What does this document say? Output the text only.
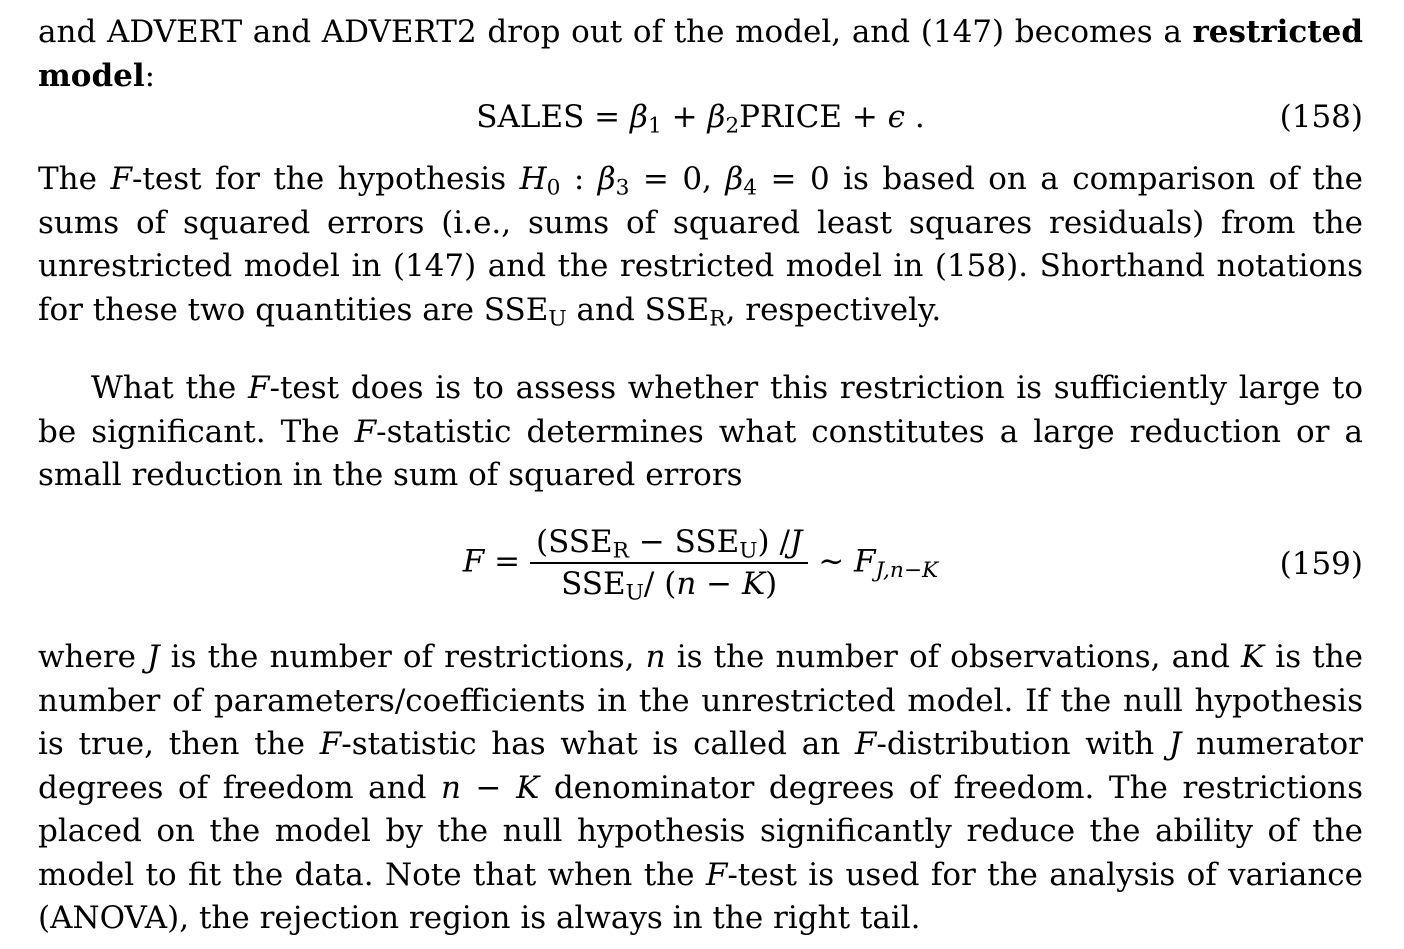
and ADVERT and ADVERT2 drop out of the model, and (147) becomes a restricted model:

SALES = $\beta_1$ + $\beta_2PRICE + \epsilon$ .	(158)

The F-test for the hypothesis $H_0$ : $\beta_3 = 0$, $\beta_4 = 0$ is based on a comparison of the sums of squared errors (i.e., sums of squared least squares residuals) from the unrestricted model in (147) and the restricted model in (158). Shorthand notations for these two quantities are $SSE_U$ and $SSE_R$, respectively.

What the F-test does is to assess whether this restriction is sufficiently large to be significant. The F-statistic determines what constitutes a large reduction or a small reduction in the sum of squared errors

$F = \frac{(SSE_R - SSE_U) /J}{SSE_U/ (n - K)}$ ∼ $F_{J,n-K}$	(159)

where J is the number of restrictions, n is the number of observations, and K is the number of parameters/coefficients in the unrestricted model. If the null hypothesis is true, then the F-statistic has what is called an F-distribution with J numerator degrees of freedom and n − K denominator degrees of freedom. The restrictions placed on the model by the null hypothesis significantly reduce the ability of the model to fit the data. Note that when the F-test is used for the analysis of variance (ANOVA), the rejection region is always in the right tail.
